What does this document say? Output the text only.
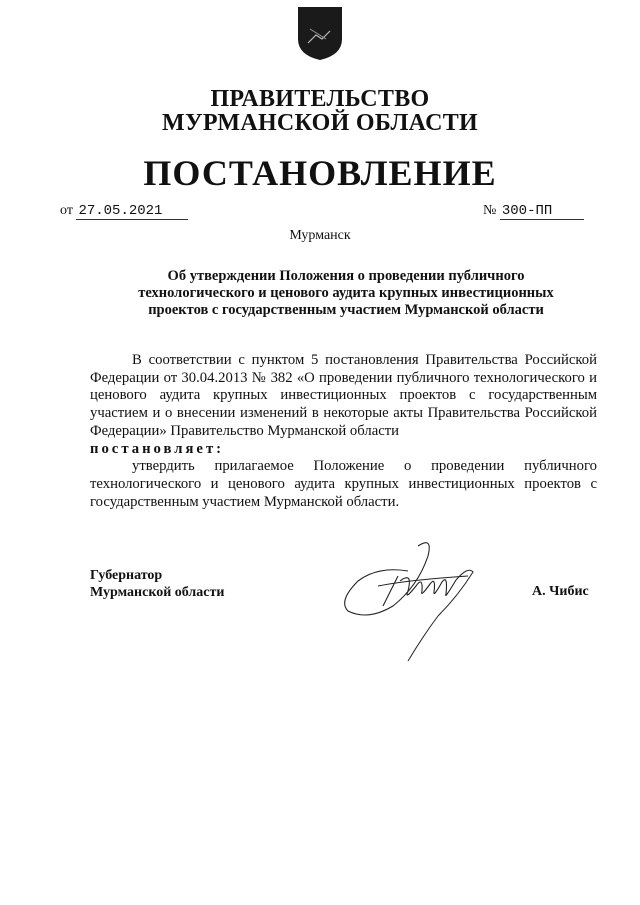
ПРАВИТЕЛЬСТВО
МУРМАНСКОЙ ОБЛАСТИ
ПОСТАНОВЛЕНИЕ
от 27.05.2021	№ 300-ПП
Мурманск
Об утверждении Положения о проведении публичного
технологического и ценового аудита крупных инвестиционных
проектов с государственным участием Мурманской области

В соответствии с пунктом 5 постановления Правительства Российской Федерации от 30.04.2013 № 382 «О проведении публичного технологического и ценового аудита крупных инвестиционных проектов с государственным участием и о внесении изменений в некоторые акты Правительства Российской Федерации» Правительство Мурманской области

постановляет:

утвердить прилагаемое Положение о проведении публичного технологического и ценового аудита крупных инвестиционных проектов с государственным участием Мурманской области.

Губернатор
Мурманской области	А. Чибис
